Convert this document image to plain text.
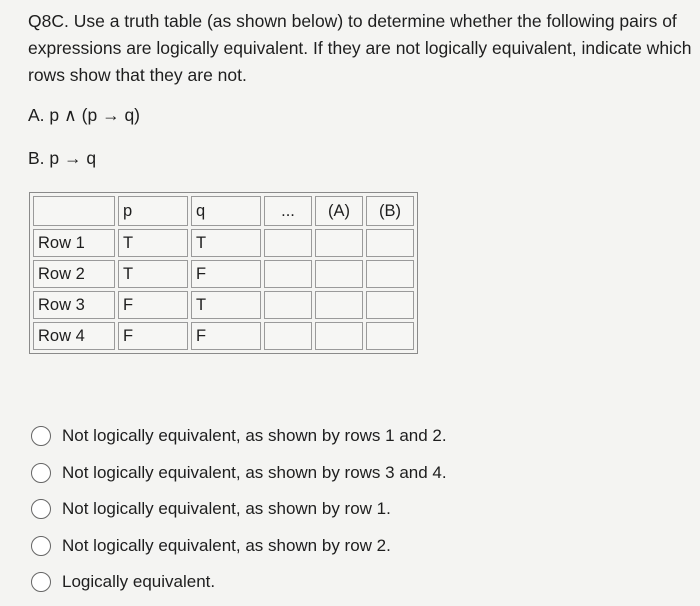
Q8C. Use a truth table (as shown below) to determine whether the following pairs of expressions are logically equivalent. If they are not logically equivalent, indicate which rows show that they are not.

A. p ∧ (p → q)

B. p → q

	p	q	...	(A)	(B)
Row 1	T	T			
Row 2	T	F			
Row 3	F	T			
Row 4	F	F			
Not logically equivalent, as shown by rows 1 and 2.
Not logically equivalent, as shown by rows 3 and 4.
Not logically equivalent, as shown by row 1.
Not logically equivalent, as shown by row 2.
Logically equivalent.
